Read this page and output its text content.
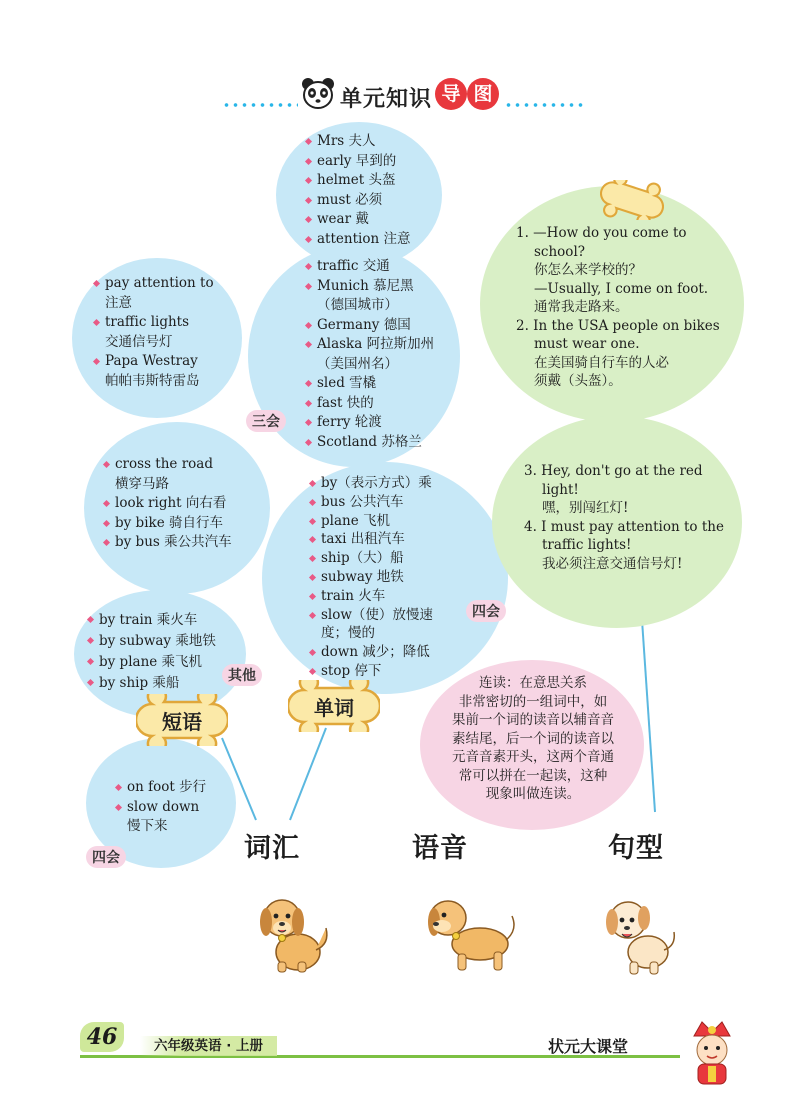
单元知识 导 图
Mrs 夫人
early 早到的
helmet 头盔
must 必须
wear 戴
attention 注意
traffic 交通
Munich 慕尼黑
（德国城市）
Germany 德国
Alaska 阿拉斯加州
（美国州名）
sled 雪橇
fast 快的
ferry 轮渡
Scotland 苏格兰
三会
pay attention to
注意
traffic lights
交通信号灯
Papa Westray
帕帕韦斯特雷岛
cross the road
横穿马路
look right 向右看
by bike 骑自行车
by bus 乘公共汽车
by train 乘火车
by subway 乘地铁
by plane 乘飞机
by ship 乘船	其他
by（表示方式）乘
bus 公共汽车
plane 飞机
taxi 出租汽车
ship（大）船
subway 地铁
train 火车
slow（使）放慢速
度；慢的
down 减少；降低
stop 停下
四会
on foot 步行
slow down
慢下来
四会
短语
单词

1. —How do you come to

school?

你怎么来学校的？

—Usually, I come on foot.

通常我走路来。

2. In the USA people on bikes

must wear one.

在美国骑自行车的人必

须戴（头盔）。

3. Hey, don't go at the red

light!

嘿，别闯红灯!

4. I must pay attention to the

traffic lights!

我必须注意交通信号灯!

连读：在意思关系

非常密切的一组词中，如

果前一个词的读音以辅音音

素结尾，后一个词的读音以

元音音素开头，这两个音通

常可以拼在一起读，这种

现象叫做连读。

词汇	语音	句型
46	六年级英语 · 上册	状元大课堂
